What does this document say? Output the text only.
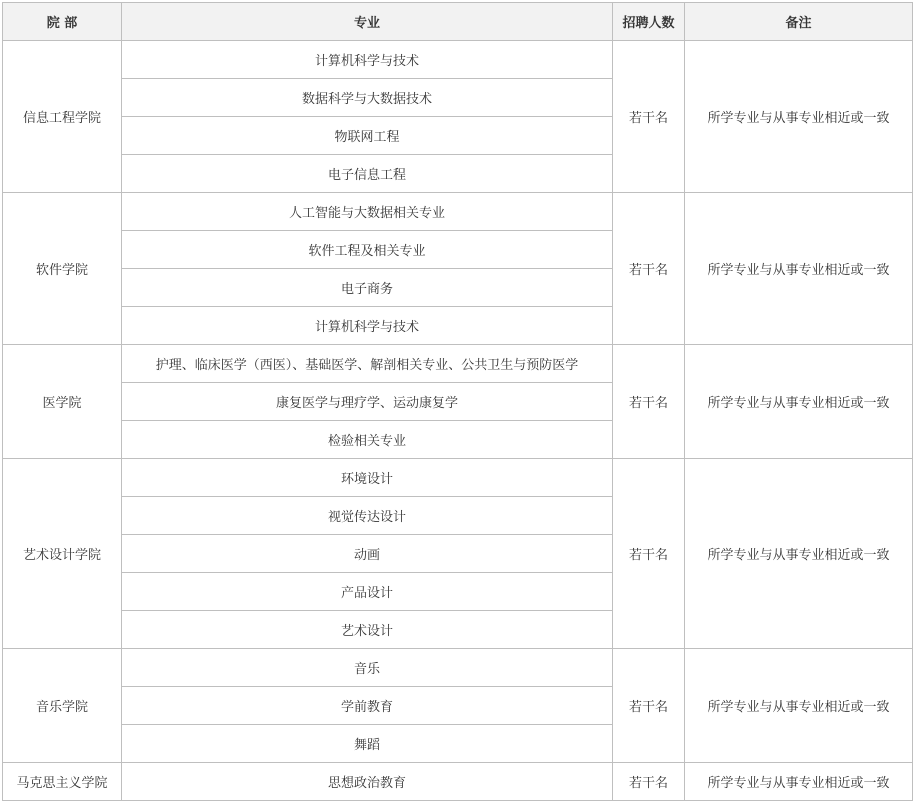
院 部	专业	招聘人数	备注
信息工程学院	计算机科学与技术	若干名	所学专业与从事专业相近或一致
	数据科学与大数据技术		
	物联网工程		
	电子信息工程		
软件学院	人工智能与大数据相关专业	若干名	所学专业与从事专业相近或一致
	软件工程及相关专业		
	电子商务		
	计算机科学与技术		
医学院	护理、临床医学（西医）、基础医学、解剖相关专业、公共卫生与预防医学	若干名	所学专业与从事专业相近或一致
	康复医学与理疗学、运动康复学		
	检验相关专业		
艺术设计学院	环境设计	若干名	所学专业与从事专业相近或一致
	视觉传达设计		
	动画		
	产品设计		
	艺术设计		
音乐学院	音乐	若干名	所学专业与从事专业相近或一致
	学前教育		
	舞蹈		
马克思主义学院	思想政治教育	若干名	所学专业与从事专业相近或一致
